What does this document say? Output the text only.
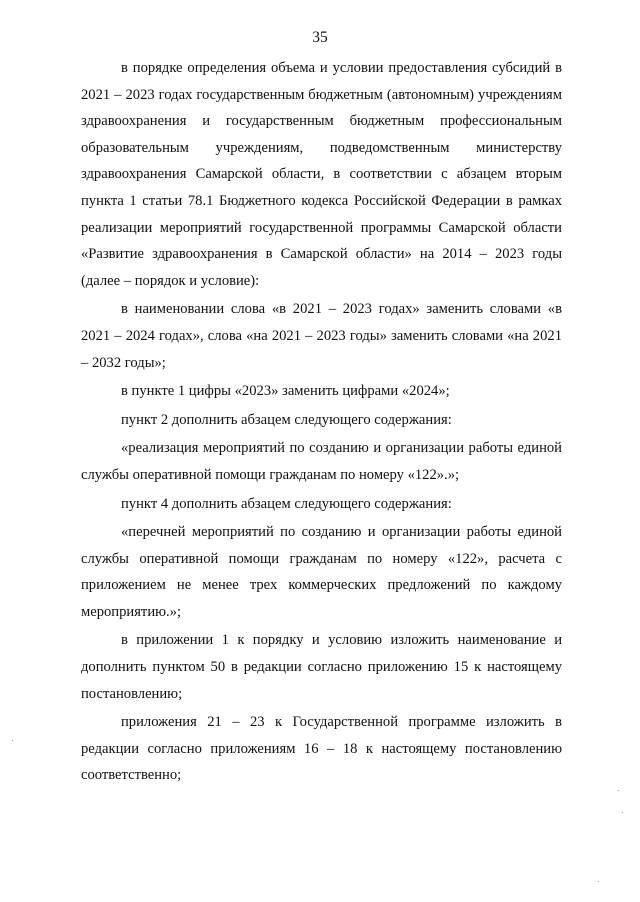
35

в порядке определения объема и условии предоставления субсидий в 2021 – 2023 годах государственным бюджетным (автономным) учреждениям здравоохранения и государственным бюджетным профессиональным образовательным учреждениям, подведомственным министерству здравоохранения Самарской области, в соответствии с абзацем вторым пункта 1 статьи 78.1 Бюджетного кодекса Российской Федерации в рамках реализации мероприятий государственной программы Самарской области «Развитие здравоохранения в Самарской области» на 2014 – 2023 годы (далее – порядок и условие):

в наименовании слова «в 2021 – 2023 годах» заменить словами «в 2021 – 2024 годах», слова «на 2021 – 2023 годы» заменить словами «на 2021 – 2032 годы»;

в пункте 1 цифры «2023» заменить цифрами «2024»;

пункт 2 дополнить абзацем следующего содержания:

«реализация мероприятий по созданию и организации работы единой службы оперативной помощи гражданам по номеру «122».»;

пункт 4 дополнить абзацем следующего содержания:

«перечней мероприятий по созданию и организации работы единой службы оперативной помощи гражданам по номеру «122», расчета с приложением не менее трех коммерческих предложений по каждому мероприятию.»;

в приложении 1 к порядку и условию изложить наименование и дополнить пунктом 50 в редакции согласно приложению 15 к настоящему постановлению;

приложения 21 – 23 к Государственной программе изложить в редакции согласно приложениям 16 – 18 к настоящему постановлению соответственно;
